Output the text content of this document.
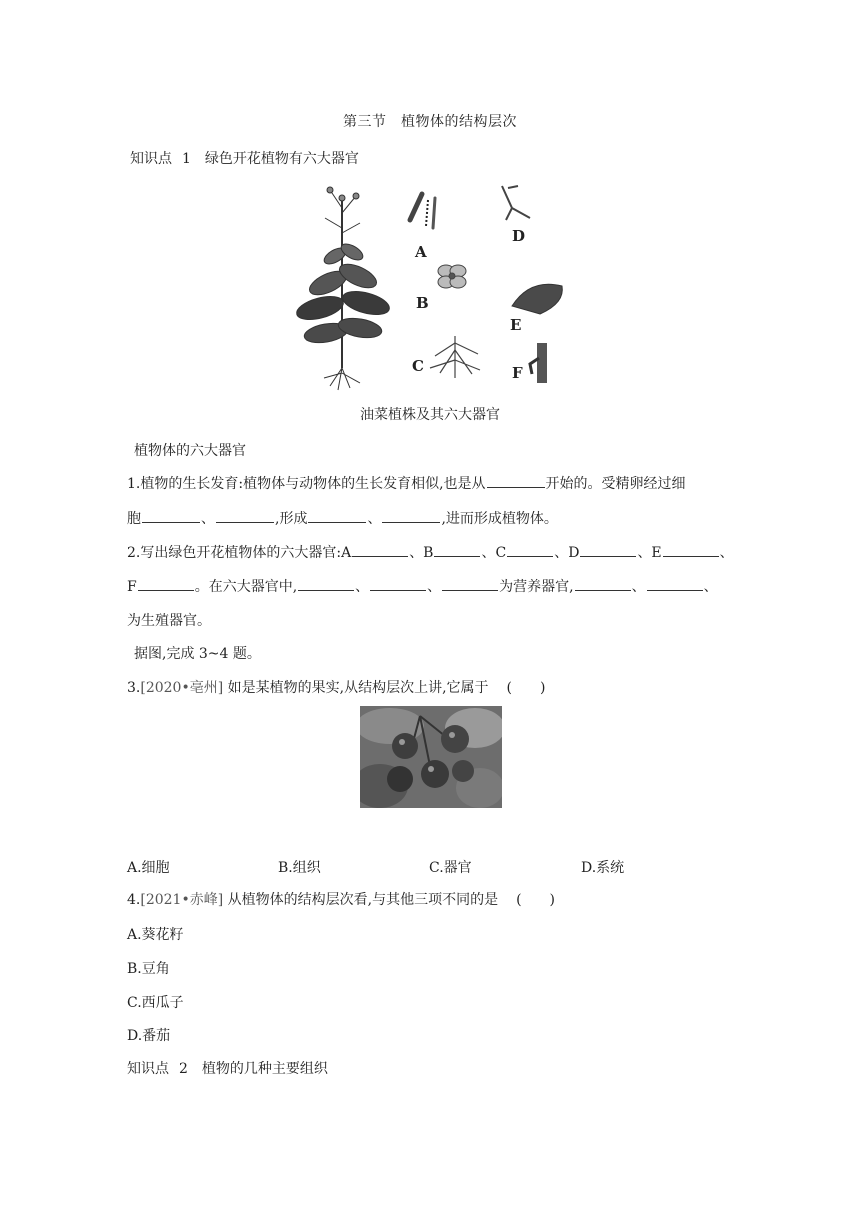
第三节　植物体的结构层次
知识点 1 绿色开花植物有六大器官
A
B
C
D
E
F
油菜植株及其六大器官
植物体的六大器官
1.植物的生长发育:植物体与动物体的生长发育相似,也是从	开始的。受精卵经过细
胞	、	,形成	、	,进而形成植物体。
2.写出绿色开花植物体的六大器官:A	、B	、C	、D	、E	、
F	。在六大器官中,	、	、	为营养器官,	、	、
为生殖器官。
据图,完成 3~4 题。
3.[2020•亳州] 如是某植物的果实,从结构层次上讲,它属于 (　　)
A.细胞	B.组织	C.器官	D.系统
4.[2021•赤峰] 从植物体的结构层次看,与其他三项不同的是 (　　)
A.葵花籽
B.豆角
C.西瓜子
D.番茄
知识点 2 植物的几种主要组织
